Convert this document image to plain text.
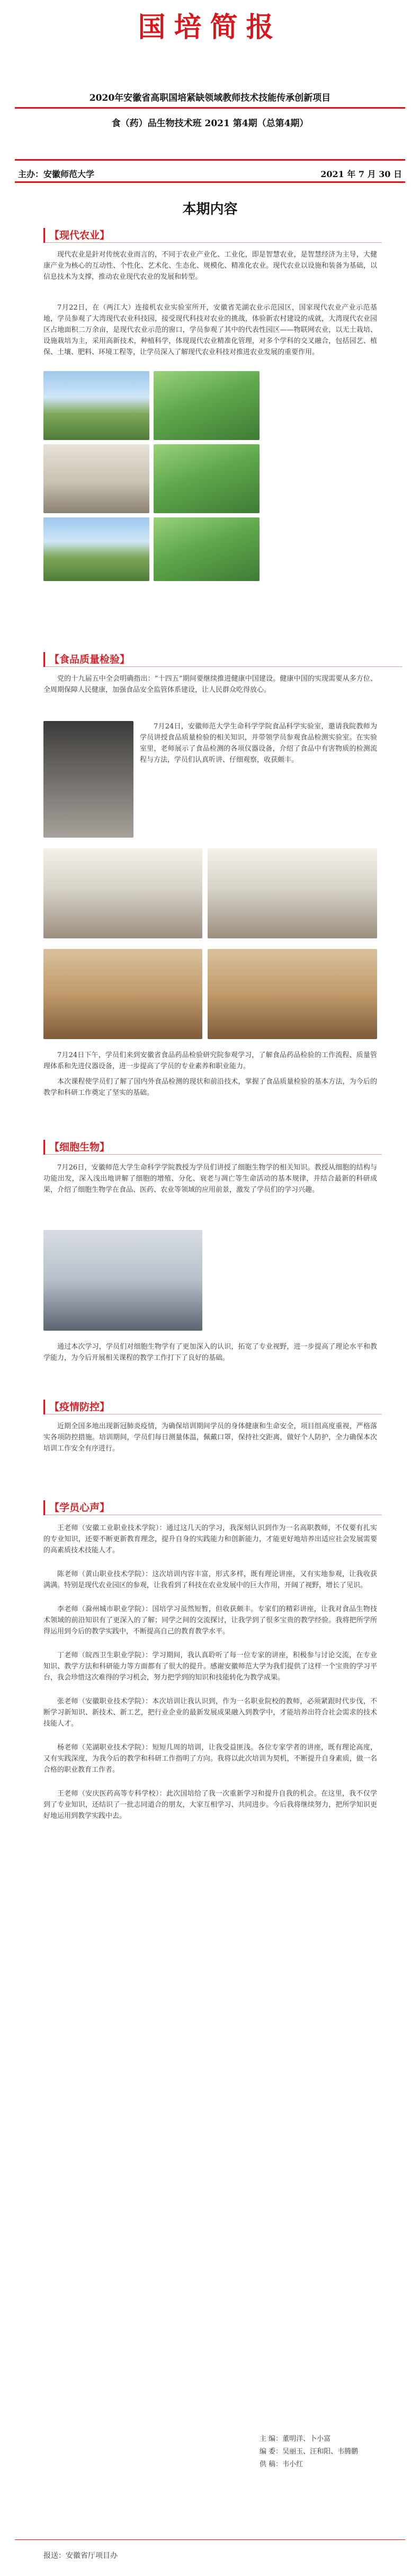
国培简报
2020年安徽省高职国培紧缺领域教师技术技能传承创新项目
食（药）品生物技术班 2021 第4期（总第4期）
主办：安徽师范大学	2021 年 7 月 30 日
本期内容
【现代农业】

现代农业是針对传统农业而言的，不同于农业产业化、工业化，即是智慧农业，是智慧经济为主导，大健康产业为核心的互动性、个性化、艺术化、生态化、规模化、精准化农业。现代农业以设施和装备为基础，以信息技术为支撑，推动农业现代农业的发展和转型。

7月22日，在（两江大）连接机农业实验室所开，安徽省芜湖农业示范园区，国家现代农业产业示范基地，学员参观了大湾现代农业科技园，接受现代科技对农业的挑战，体验新农村建设的成就，大湾现代农业园区占地面积二万余亩，是现代农业示范的窗口，学员参观了其中的代表性园区——物联网农业，以无土栽培、设施栽培为主，采用高新技术，种植科学，体现现代农业精准化管理，对多个学科的交叉融合，包括园艺、植保、土壤、肥料、环境工程等，让学员深入了解现代农业科技对推进农业发展的重要作用。

【食品质量检验】

党的十九届五中全会明确指出：“十四五”期间要继续推进健康中国建设。健康中国的实现需要从多方位、全周期保障人民健康，加强食品安全监管体系建设，让人民群众吃得放心。

7月24日，安徽师范大学生命科学学院食品科学实验室，邀请我院教师为学员讲授食品质量检验的相关知识，并带领学员参观食品检测实验室。在实验室里，老师展示了食品检测的各项仪器设备，介绍了食品中有害物质的检测流程与方法，学员们认真听讲、仔细观察，收获颇丰。

7月24日下午，学员们来到安徽省食品药品检验研究院参观学习，了解食品药品检验的工作流程、质量管理体系和先进仪器设备，进一步提高了学员的专业素养和职业能力。

本次课程使学员们了解了国内外食品检测的现状和前沿技术，掌握了食品质量检验的基本方法，为今后的教学和科研工作奠定了坚实的基础。

【细胞生物】

7月26日，安徽师范大学生命科学学院教授为学员们讲授了细胞生物学的相关知识。教授从细胞的结构与功能出发，深入浅出地讲解了细胞的增殖、分化、衰老与凋亡等生命活动的基本规律，并结合最新的科研成果，介绍了细胞生物学在食品、医药、农业等领域的应用前景，激发了学员们的学习兴趣。

通过本次学习，学员们对细胞生物学有了更加深入的认识，拓宽了专业视野，进一步提高了理论水平和教学能力，为今后开展相关课程的教学工作打下了良好的基础。

【疫情防控】

近期全国多地出现新冠肺炎疫情，为确保培训期间学员的身体健康和生命安全，项目组高度重视，严格落实各项防控措施。培训期间，学员们每日测量体温，佩戴口罩，保持社交距离，做好个人防护，全力确保本次培训工作安全有序进行。

【学员心声】

王老师（安徽工业职业技术学院）：通过这几天的学习，我深刻认识到作为一名高职教师，不仅要有扎实的专业知识，还要不断更新教育理念，提升自身的实践能力和创新能力，才能更好地培养出适应社会发展需要的高素质技术技能人才。

陈老师（黄山职业技术学院）：这次培训内容丰富，形式多样，既有理论讲座，又有实地参观，让我收获满满。特别是现代农业园区的参观，让我看到了科技在农业发展中的巨大作用，开阔了视野，增长了见识。

李老师（滁州城市职业学院）：国培学习虽然短暂，但收获颇丰。专家们的精彩讲座，让我对食品生物技术领域的前沿知识有了更深入的了解；同学之间的交流探讨，让我学到了很多宝贵的教学经验。我将把所学所得运用到今后的教学实践中，不断提高自己的教育教学水平。

丁老师（皖西卫生职业学院）：学习期间，我认真聆听了每一位专家的讲座，积极参与讨论交流，在专业知识、教学方法和科研能力等方面都有了很大的提升。感谢安徽师范大学为我们提供了这样一个宝贵的学习平台，我会珍惜这次难得的学习机会，努力把学到的知识和技能转化为教学成果。

张老师（安徽职业技术学院）：本次培训让我认识到，作为一名职业院校的教师，必须紧跟时代步伐，不断学习新知识、新技术、新工艺，把行业企业的最新发展成果融入到教学中，才能培养出符合社会需求的技术技能人才。

杨老师（芜湖职业技术学院）：短短几周的培训，让我受益匪浅。各位专家学者的讲座，既有理论高度，又有实践深度，为我今后的教学和科研工作指明了方向。我将以此次培训为契机，不断提升自身素质，做一名合格的职业教育工作者。

王老师（安庆医药高等专科学校）：此次国培给了我一次重新学习和提升自我的机会。在这里，我不仅学到了专业知识，还结识了一批志同道合的朋友，大家互相学习、共同进步。今后我将继续努力，把所学知识更好地运用到教学实践中去。

主 编：董明洋、卜小富
编 委：吴丽玉、汪和阳、韦腾鹏
供 稿：韦小红
报送：安徽省厅项目办
